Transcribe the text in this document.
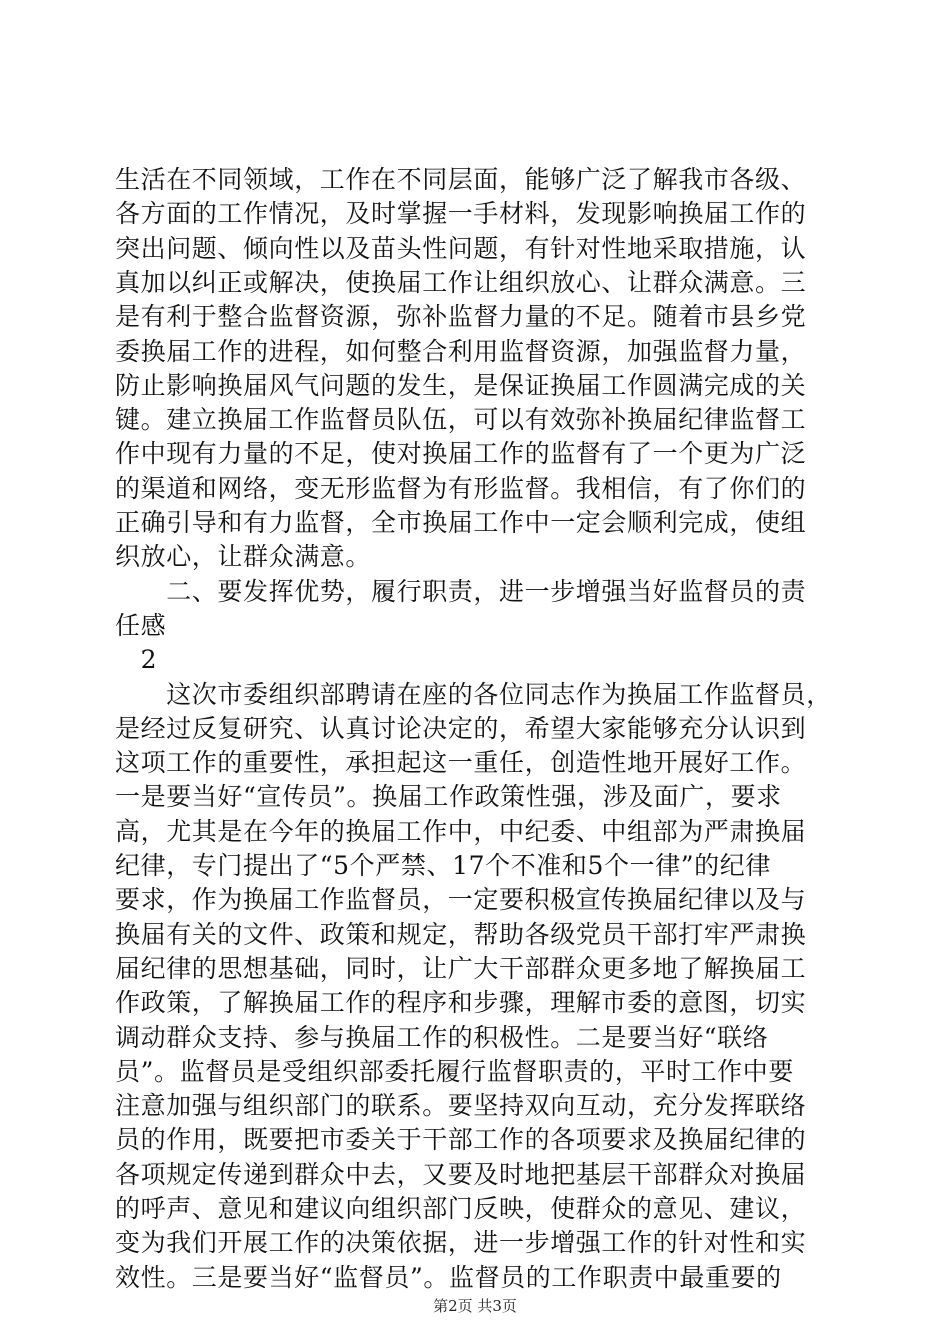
生活在不同领域，工作在不同层面，能够广泛了解我市各级、
各方面的工作情况，及时掌握一手材料，发现影响换届工作的
突出问题、倾向性以及苗头性问题，有针对性地采取措施，认
真加以纠正或解决，使换届工作让组织放心、让群众满意。三
是有利于整合监督资源，弥补监督力量的不足。随着市县乡党
委换届工作的进程，如何整合利用监督资源，加强监督力量，
防止影响换届风气问题的发生，是保证换届工作圆满完成的关
键。建立换届工作监督员队伍，可以有效弥补换届纪律监督工
作中现有力量的不足，使对换届工作的监督有了一个更为广泛
的渠道和网络，变无形监督为有形监督。我相信，有了你们的
正确引导和有力监督，全市换届工作中一定会顺利完成，使组
织放心，让群众满意。
　　二、要发挥优势，履行职责，进一步增强当好监督员的责
任感
　2
　　这次市委组织部聘请在座的各位同志作为换届工作监督员，
是经过反复研究、认真讨论决定的，希望大家能够充分认识到
这项工作的重要性，承担起这一重任，创造性地开展好工作。
一是要当好“宣传员”。换届工作政策性强，涉及面广，要求
高，尤其是在今年的换届工作中，中纪委、中组部为严肃换届
纪律，专门提出了“5个严禁、17个不准和5个一律”的纪律
要求，作为换届工作监督员，一定要积极宣传换届纪律以及与
换届有关的文件、政策和规定，帮助各级党员干部打牢严肃换
届纪律的思想基础，同时，让广大干部群众更多地了解换届工
作政策，了解换届工作的程序和步骤，理解市委的意图，切实
调动群众支持、参与换届工作的积极性。二是要当好“联络
员”。监督员是受组织部委托履行监督职责的，平时工作中要
注意加强与组织部门的联系。要坚持双向互动，充分发挥联络
员的作用，既要把市委关于干部工作的各项要求及换届纪律的
各项规定传递到群众中去，又要及时地把基层干部群众对换届
的呼声、意见和建议向组织部门反映，使群众的意见、建议，
变为我们开展工作的决策依据，进一步增强工作的针对性和实
效性。三是要当好“监督员”。监督员的工作职责中最重要的
第2页 共3页
